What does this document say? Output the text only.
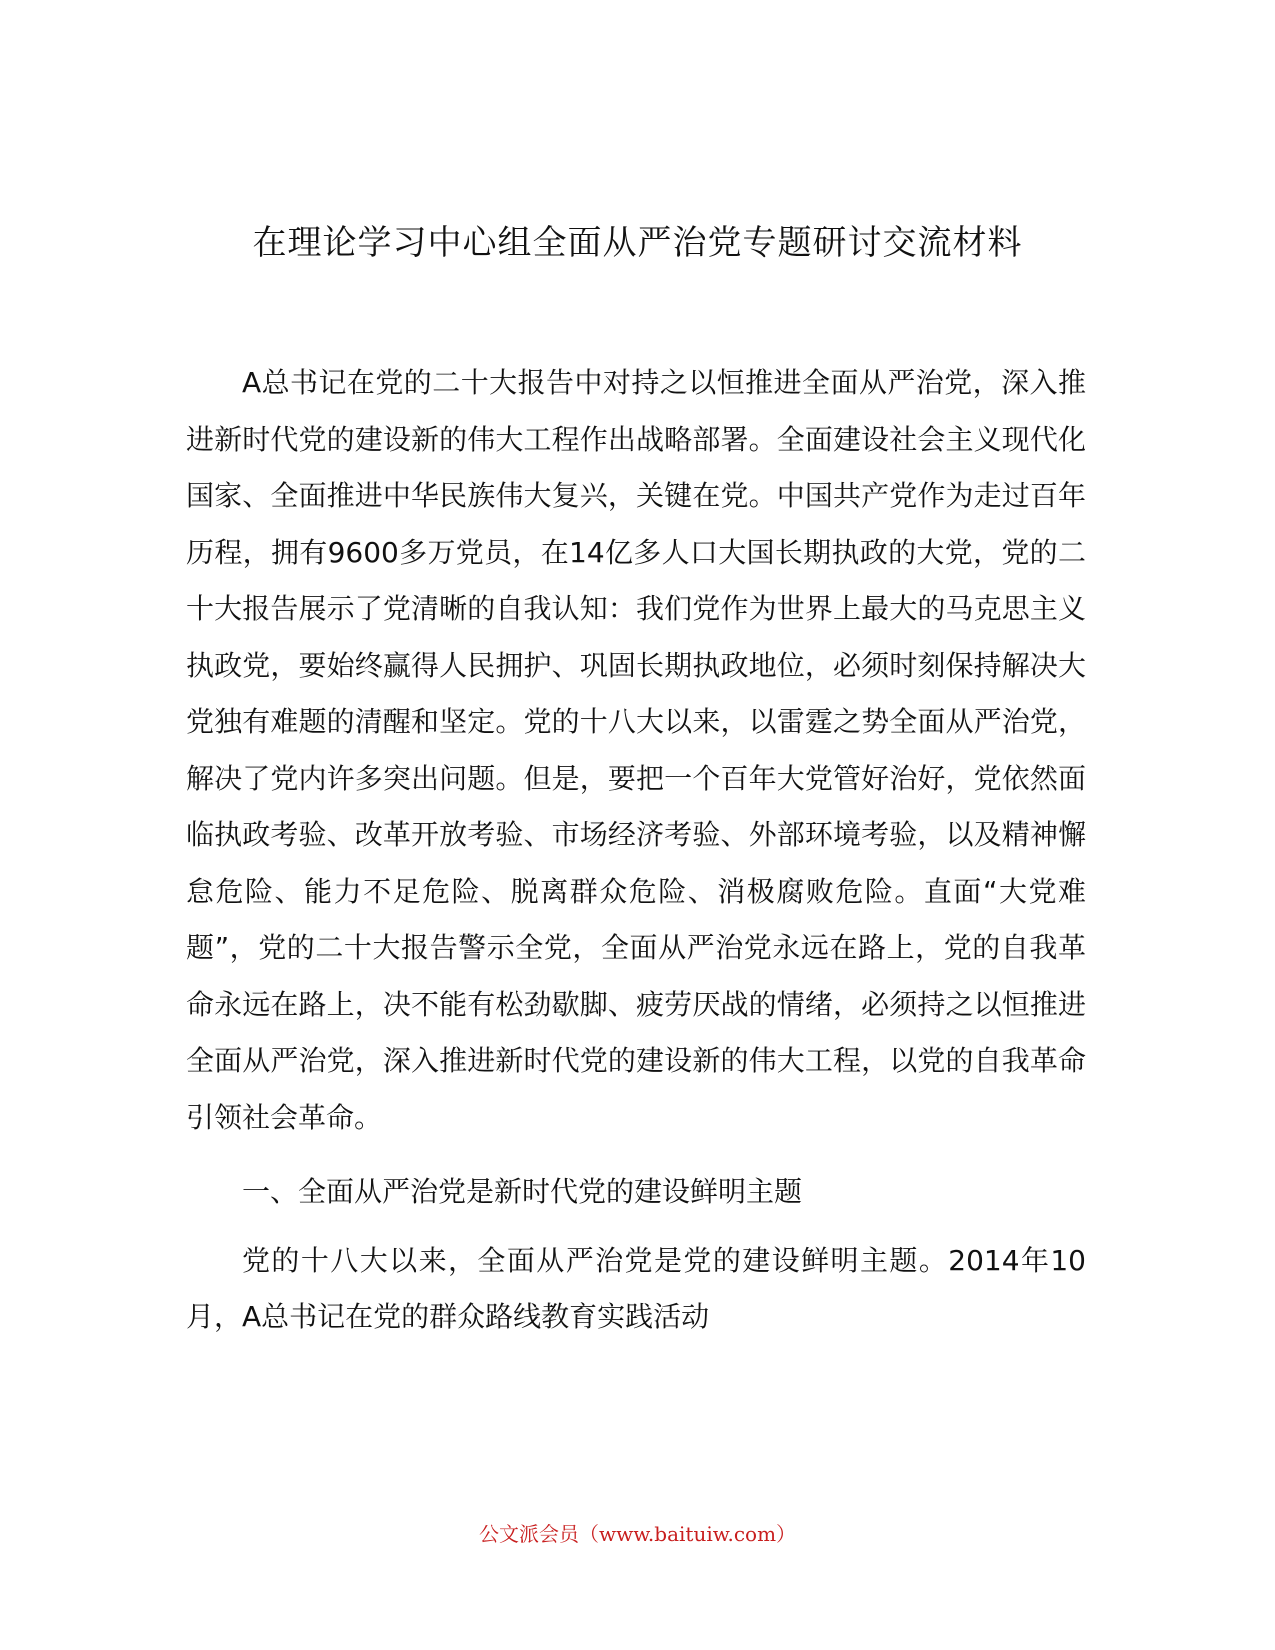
在理论学习中心组全面从严治党专题研讨交流材料

A总书记在党的二十大报告中对持之以恒推进全面从严治党，深入推进新时代党的建设新的伟大工程作出战略部署。全面建设社会主义现代化国家、全面推进中华民族伟大复兴，关键在党。中国共产党作为走过百年历程，拥有9600多万党员，在14亿多人口大国长期执政的大党，党的二十大报告展示了党清晰的自我认知：我们党作为世界上最大的马克思主义执政党，要始终赢得人民拥护、巩固长期执政地位，必须时刻保持解决大党独有难题的清醒和坚定。党的十八大以来，以雷霆之势全面从严治党，解决了党内许多突出问题。但是，要把一个百年大党管好治好，党依然面临执政考验、改革开放考验、市场经济考验、外部环境考验，以及精神懈怠危险、能力不足危险、脱离群众危险、消极腐败危险。直面“大党难题”，党的二十大报告警示全党，全面从严治党永远在路上，党的自我革命永远在路上，决不能有松劲歇脚、疲劳厌战的情绪，必须持之以恒推进全面从严治党，深入推进新时代党的建设新的伟大工程，以党的自我革命引领社会革命。

一、全面从严治党是新时代党的建设鲜明主题

党的十八大以来，全面从严治党是党的建设鲜明主题。2014年10月，A总书记在党的群众路线教育实践活动

公文派会员（www.baituiw.com）
